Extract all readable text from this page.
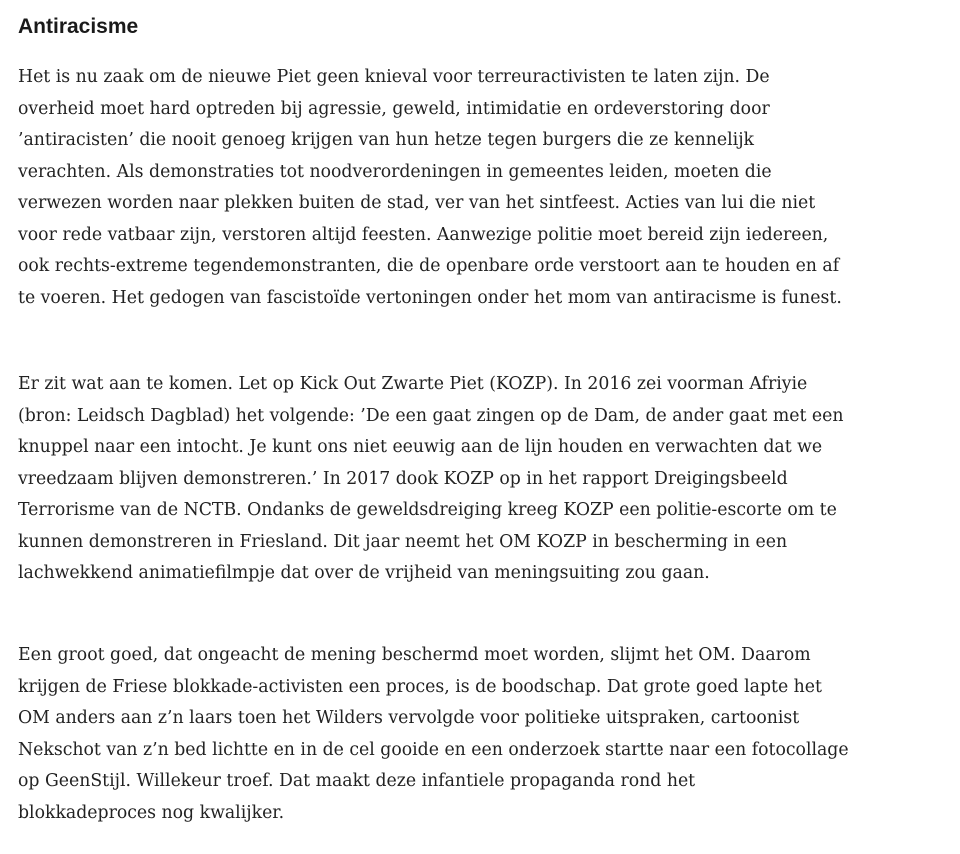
Antiracisme

Het is nu zaak om de nieuwe Piet geen knieval voor terreuractivisten te laten zijn. De
overheid moet hard optreden bij agressie, geweld, intimidatie en ordeverstoring door
’antiracisten’ die nooit genoeg krijgen van hun hetze tegen burgers die ze kennelijk
verachten. Als demonstraties tot noodverordeningen in gemeentes leiden, moeten die
verwezen worden naar plekken buiten de stad, ver van het sintfeest. Acties van lui die niet
voor rede vatbaar zijn, verstoren altijd feesten. Aanwezige politie moet bereid zijn iedereen,
ook rechts-extreme tegendemonstranten, die de openbare orde verstoort aan te houden en af
te voeren. Het gedogen van fascistoïde vertoningen onder het mom van antiracisme is funest.

Er zit wat aan te komen. Let op Kick Out Zwarte Piet (KOZP). In 2016 zei voorman Afriyie
(bron: Leidsch Dagblad) het volgende: ’De een gaat zingen op de Dam, de ander gaat met een
knuppel naar een intocht. Je kunt ons niet eeuwig aan de lijn houden en verwachten dat we
vreedzaam blijven demonstreren.’ In 2017 dook KOZP op in het rapport Dreigingsbeeld
Terrorisme van de NCTB. Ondanks de geweldsdreiging kreeg KOZP een politie-escorte om te
kunnen demonstreren in Friesland. Dit jaar neemt het OM KOZP in bescherming in een
lachwekkend animatiefilmpje dat over de vrijheid van meningsuiting zou gaan.

Een groot goed, dat ongeacht de mening beschermd moet worden, slijmt het OM. Daarom
krijgen de Friese blokkade-activisten een proces, is de boodschap. Dat grote goed lapte het
OM anders aan z’n laars toen het Wilders vervolgde voor politieke uitspraken, cartoonist
Nekschot van z’n bed lichtte en in de cel gooide en een onderzoek startte naar een fotocollage
op GeenStijl. Willekeur troef. Dat maakt deze infantiele propaganda rond het
blokkadeproces nog kwalijker.
